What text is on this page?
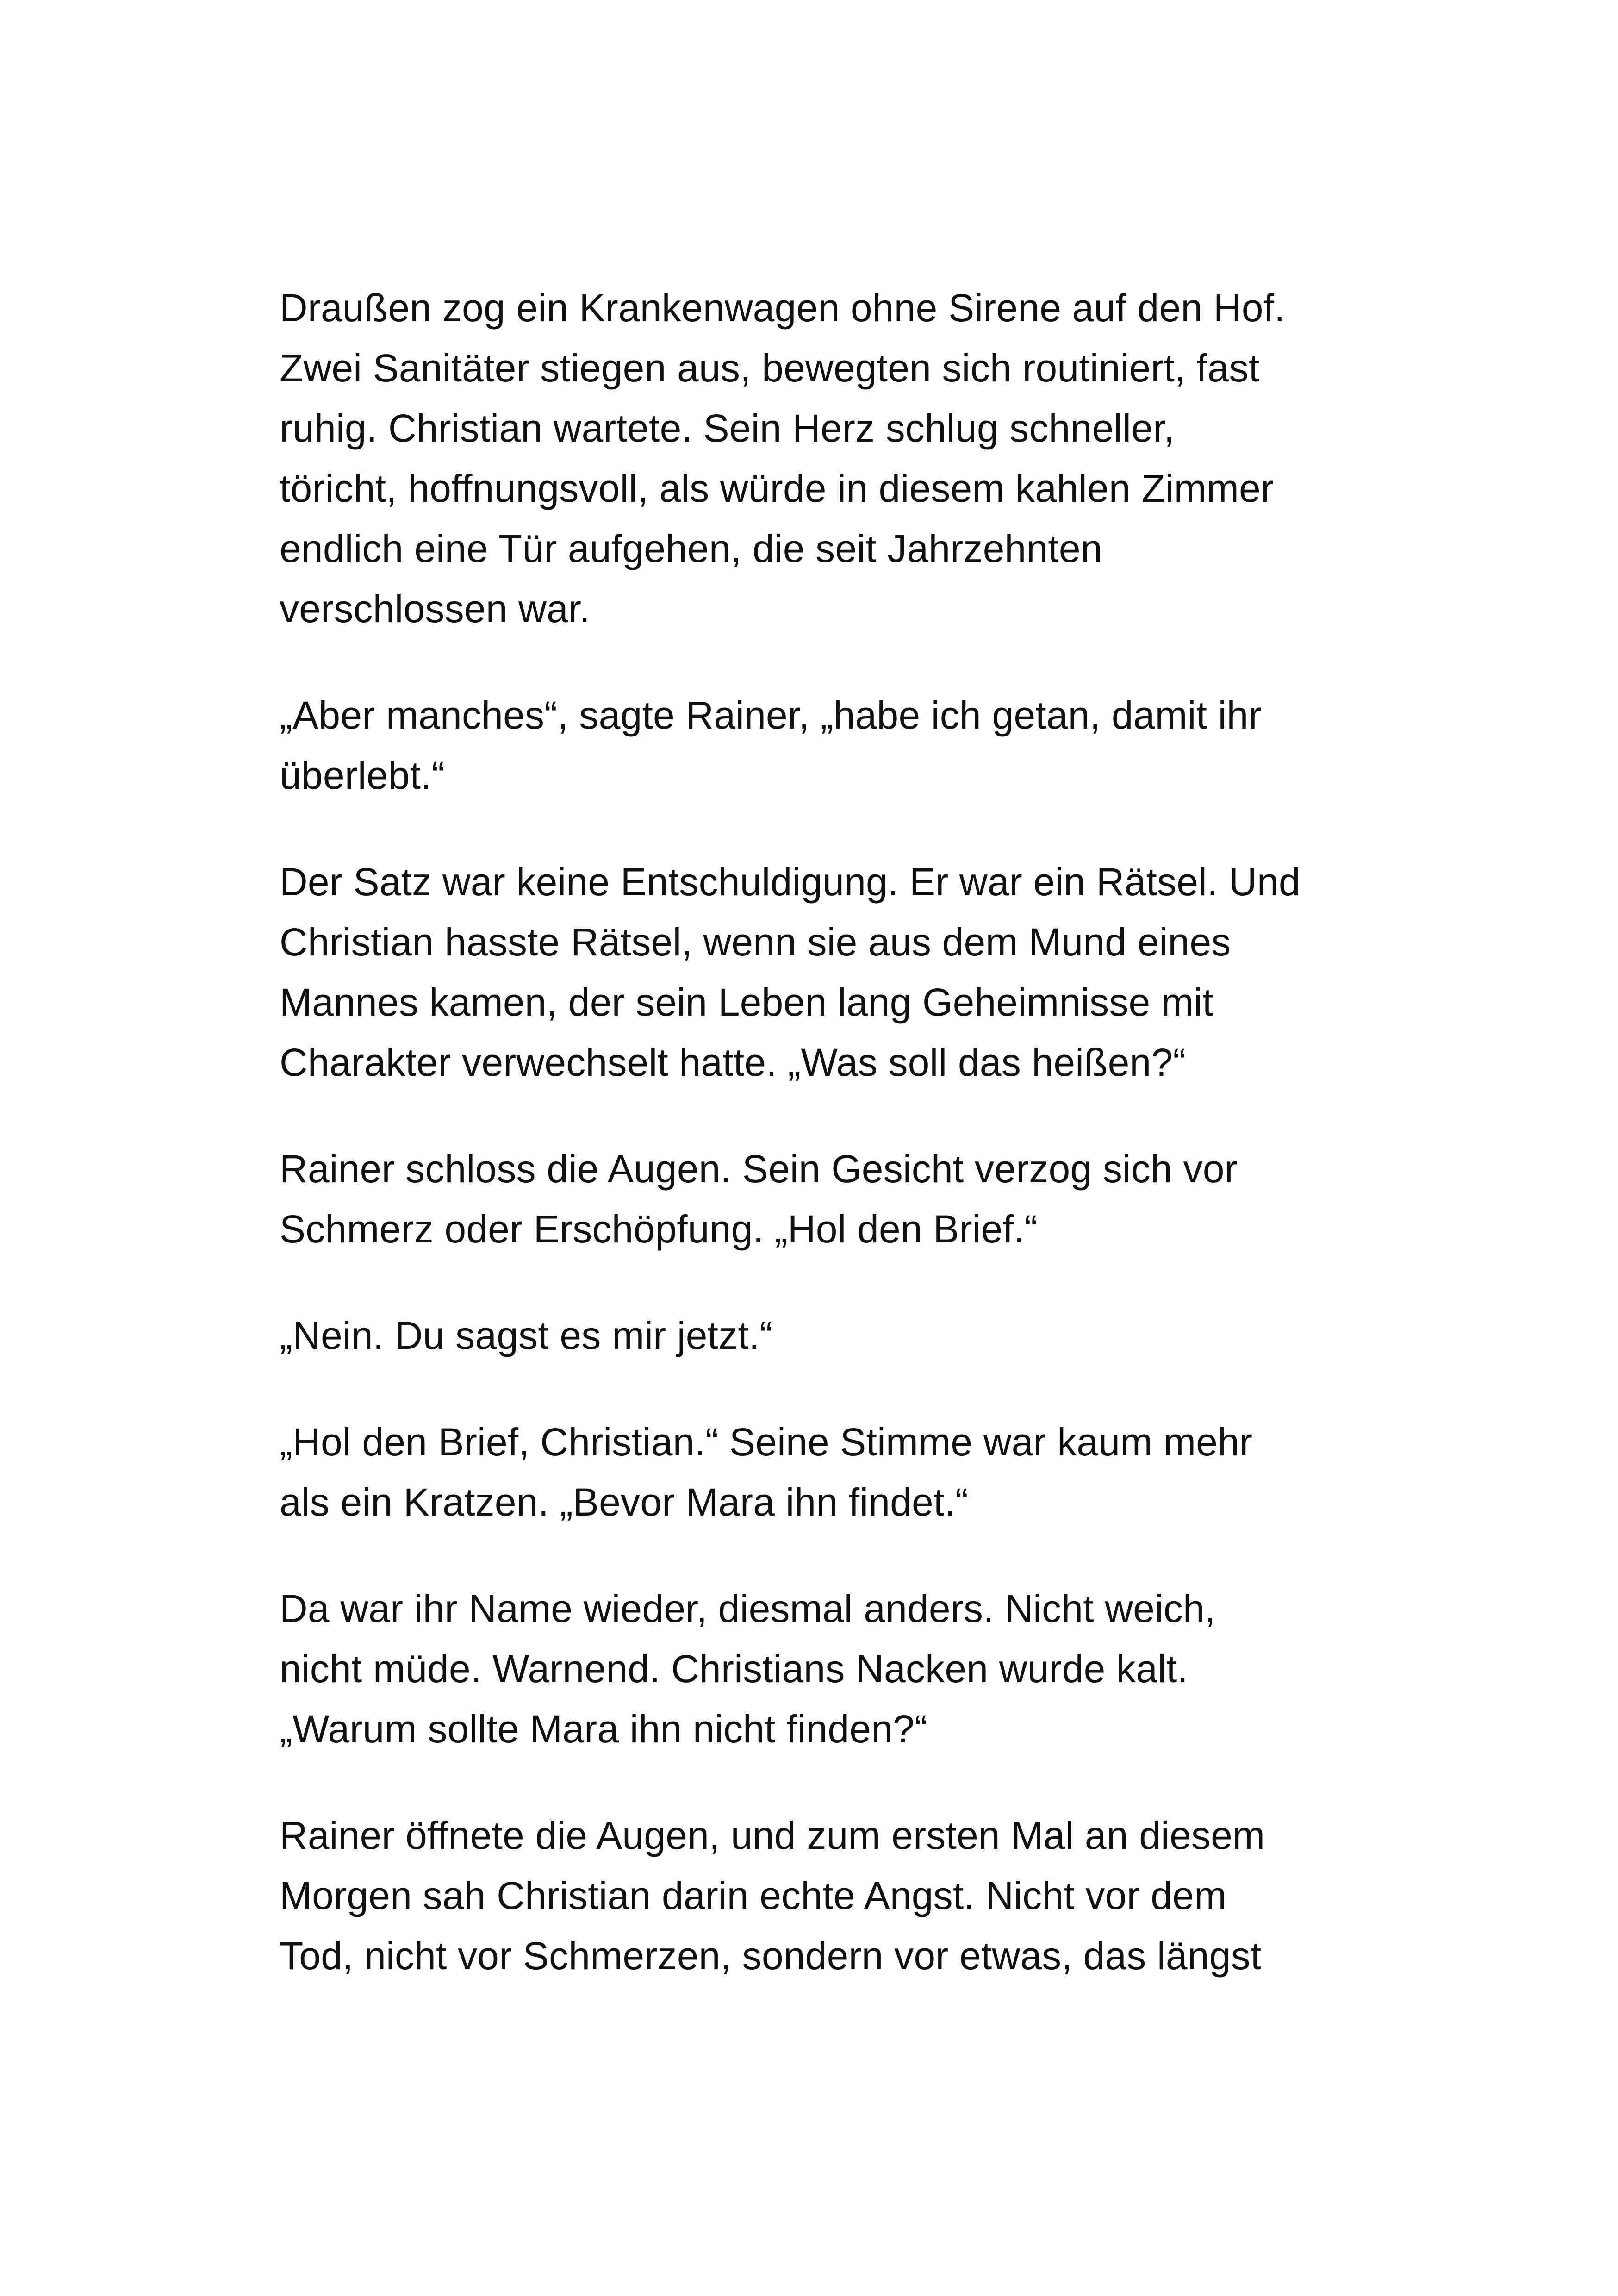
Draußen zog ein Krankenwagen ohne Sirene auf den Hof.
Zwei Sanitäter stiegen aus, bewegten sich routiniert, fast
ruhig. Christian wartete. Sein Herz schlug schneller,
töricht, hoffnungsvoll, als würde in diesem kahlen Zimmer
endlich eine Tür aufgehen, die seit Jahrzehnten
verschlossen war.

„Aber manches“, sagte Rainer, „habe ich getan, damit ihr
überlebt.“

Der Satz war keine Entschuldigung. Er war ein Rätsel. Und
Christian hasste Rätsel, wenn sie aus dem Mund eines
Mannes kamen, der sein Leben lang Geheimnisse mit
Charakter verwechselt hatte. „Was soll das heißen?“

Rainer schloss die Augen. Sein Gesicht verzog sich vor
Schmerz oder Erschöpfung. „Hol den Brief.“

„Nein. Du sagst es mir jetzt.“

„Hol den Brief, Christian.“ Seine Stimme war kaum mehr
als ein Kratzen. „Bevor Mara ihn findet.“

Da war ihr Name wieder, diesmal anders. Nicht weich,
nicht müde. Warnend. Christians Nacken wurde kalt.
„Warum sollte Mara ihn nicht finden?“

Rainer öffnete die Augen, und zum ersten Mal an diesem
Morgen sah Christian darin echte Angst. Nicht vor dem
Tod, nicht vor Schmerzen, sondern vor etwas, das längst
